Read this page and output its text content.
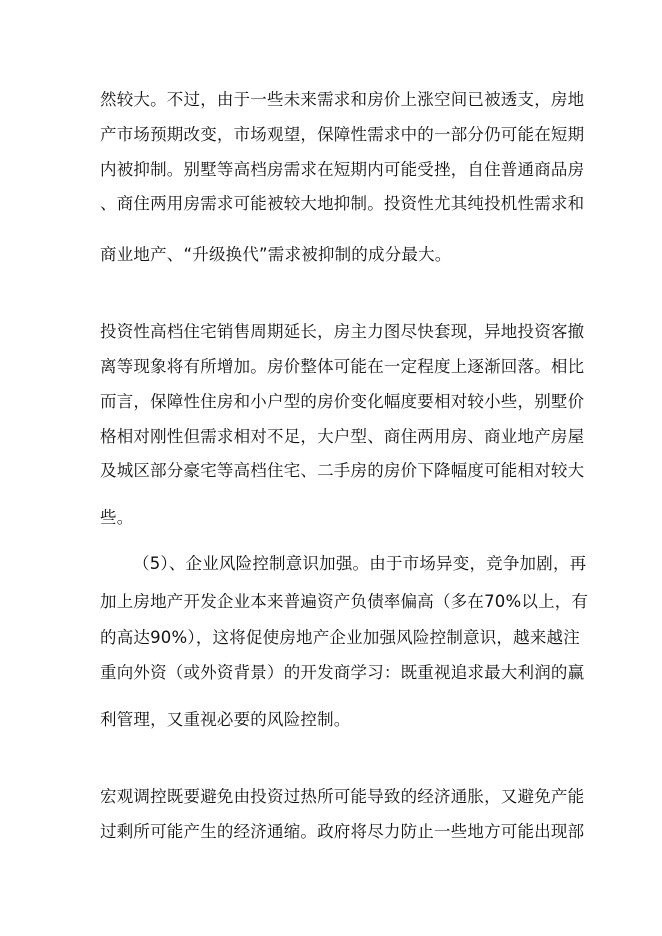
然较大。不过，由于一些未来需求和房价上涨空间已被透支，房地
产市场预期改变，市场观望，保障性需求中的一部分仍可能在短期
内被抑制。别墅等高档房需求在短期内可能受挫，自住普通商品房
、商住两用房需求可能被较大地抑制。投资性尤其纯投机性需求和
商业地产、“升级换代”需求被抑制的成分最大。
投资性高档住宅销售周期延长，房主力图尽快套现，异地投资客撤
离等现象将有所增加。房价整体可能在一定程度上逐渐回落。相比
而言，保障性住房和小户型的房价变化幅度要相对较小些，别墅价
格相对刚性但需求相对不足，大户型、商住两用房、商业地产房屋
及城区部分豪宅等高档住宅、二手房的房价下降幅度可能相对较大
些。
（5）、企业风险控制意识加强。由于市场异变，竞争加剧，再
加上房地产开发企业本来普遍资产负债率偏高（多在70%以上，有
的高达90%），这将促使房地产企业加强风险控制意识，越来越注
重向外资（或外资背景）的开发商学习：既重视追求最大利润的赢
利管理，又重视必要的风险控制。
宏观调控既要避免由投资过热所可能导致的经济通胀，又避免产能
过剩所可能产生的经济通缩。政府将尽力防止一些地方可能出现部
